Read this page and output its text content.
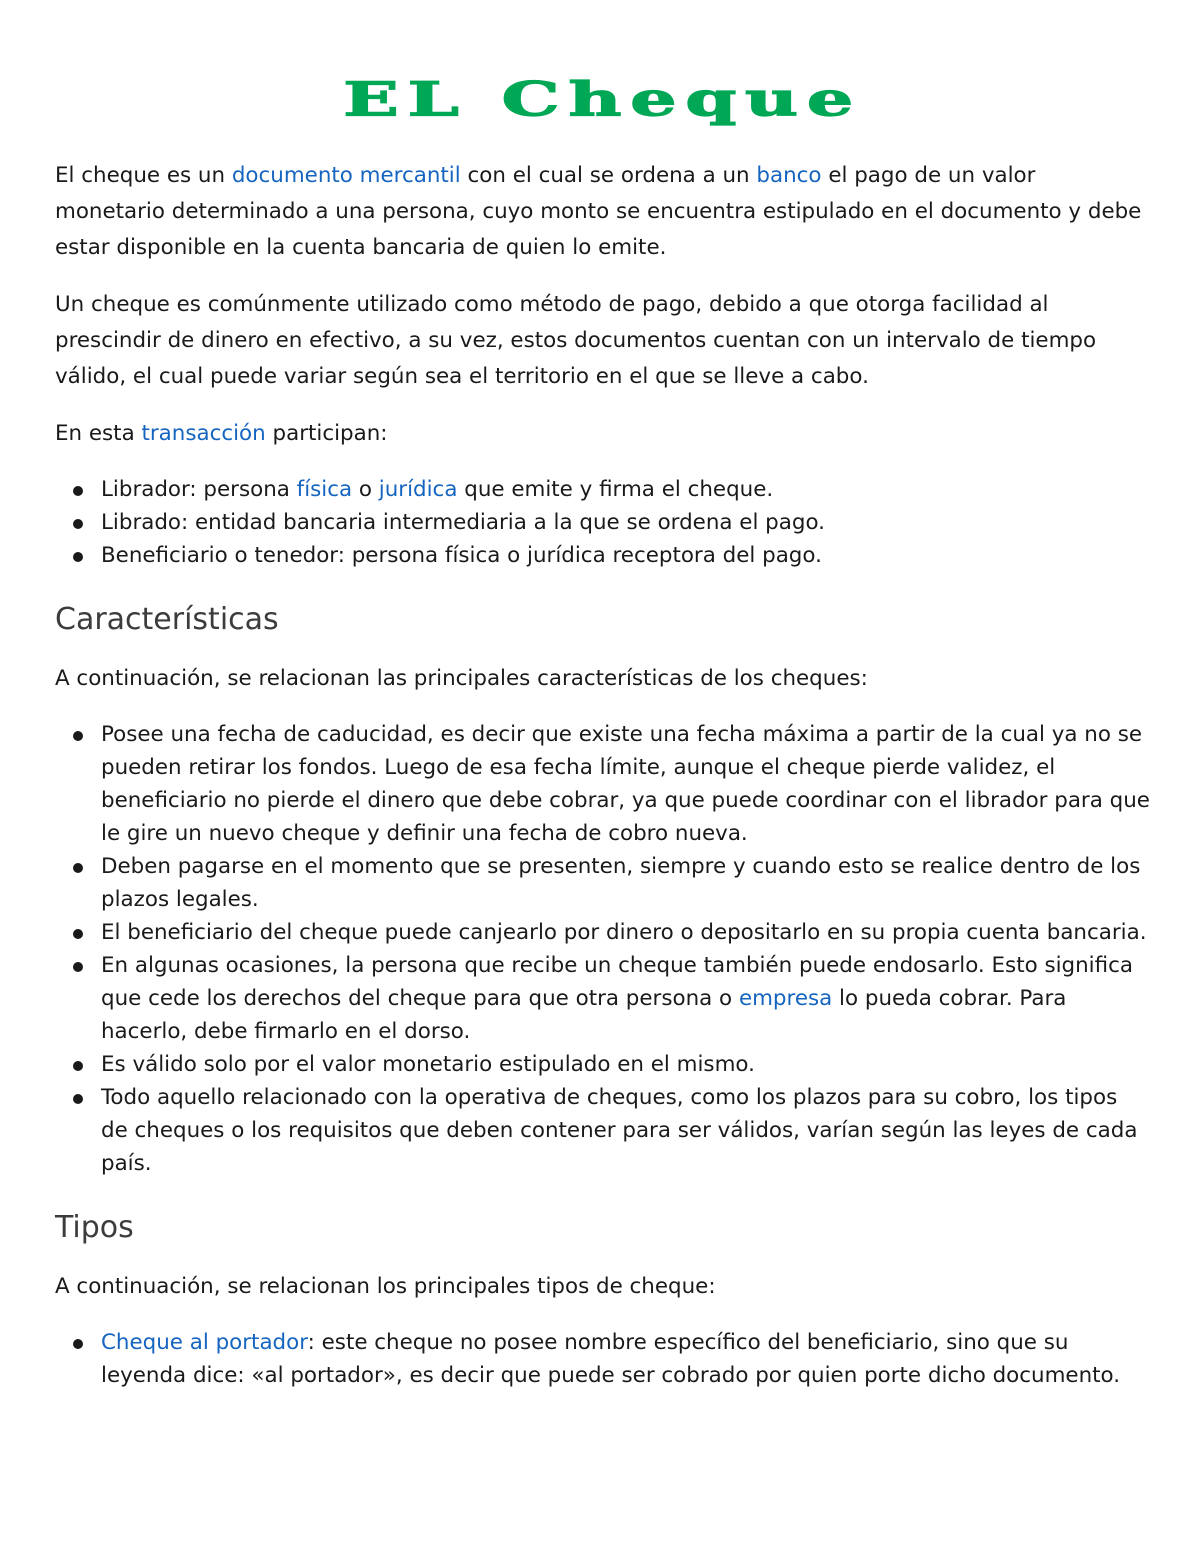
EL Cheque

El cheque es un documento mercantil con el cual se ordena a un banco el pago de un valor monetario determinado a una persona, cuyo monto se encuentra estipulado en el documento y debe estar disponible en la cuenta bancaria de quien lo emite.

Un cheque es comúnmente utilizado como método de pago, debido a que otorga facilidad al prescindir de dinero en efectivo, a su vez, estos documentos cuentan con un intervalo de tiempo válido, el cual puede variar según sea el territorio en el que se lleve a cabo.

En esta transacción participan:

Librador: persona física o jurídica que emite y firma el cheque.
Librado: entidad bancaria intermediaria a la que se ordena el pago.
Beneficiario o tenedor: persona física o jurídica receptora del pago.
Características

A continuación, se relacionan las principales características de los cheques:

Posee una fecha de caducidad, es decir que existe una fecha máxima a partir de la cual ya no se pueden retirar los fondos. Luego de esa fecha límite, aunque el cheque pierde validez, el beneficiario no pierde el dinero que debe cobrar, ya que puede coordinar con el librador para que le gire un nuevo cheque y definir una fecha de cobro nueva.
Deben pagarse en el momento que se presenten, siempre y cuando esto se realice dentro de los plazos legales.
El beneficiario del cheque puede canjearlo por dinero o depositarlo en su propia cuenta bancaria.
En algunas ocasiones, la persona que recibe un cheque también puede endosarlo. Esto significa que cede los derechos del cheque para que otra persona o empresa lo pueda cobrar. Para hacerlo, debe firmarlo en el dorso.
Es válido solo por el valor monetario estipulado en el mismo.
Todo aquello relacionado con la operativa de cheques, como los plazos para su cobro, los tipos de cheques o los requisitos que deben contener para ser válidos, varían según las leyes de cada país.
Tipos

A continuación, se relacionan los principales tipos de cheque:

Cheque al portador: este cheque no posee nombre específico del beneficiario, sino que su leyenda dice: «al portador», es decir que puede ser cobrado por quien porte dicho documento.
